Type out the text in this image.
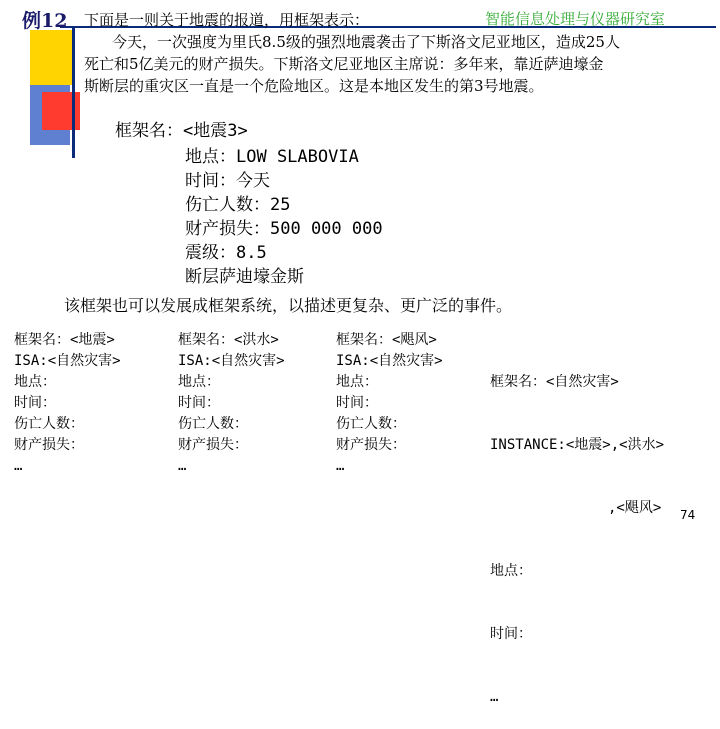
例12 下面是一则关于地震的报道，用框架表示：	智能信息处理与仪器研究室
今天，一次强度为里氏8.5级的强烈地震袭击了下斯洛文尼亚地区，造成25人
死亡和5亿美元的财产损失。下斯洛文尼亚地区主席说：多年来，靠近萨迪壕金
斯断层的重灾区一直是一个危险地区。这是本地区发生的第3号地震。
框架名：<地震3>
地点：LOW SLABOVIA
时间：今天
伤亡人数：25
财产损失：500 000 000
震级：8.5
断层萨迪壕金斯
该框架也可以发展成框架系统，以描述更复杂、更广泛的事件。
框架名：<地震>
ISA:<自然灾害>
地点：
时间：
伤亡人数：
财产损失：
…
框架名：<洪水>
ISA:<自然灾害>
地点：
时间：
伤亡人数：
财产损失：
…
框架名：<飓风>
ISA:<自然灾害>
地点：
时间：
伤亡人数：
财产损失：
…

框架名：<自然灾害>

INSTANCE:<地震>,<洪水>

,<飓风>

地点：

时间：

…

74
